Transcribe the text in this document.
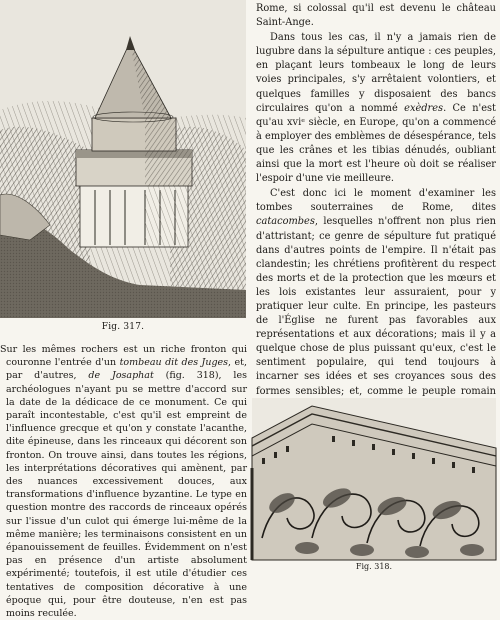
Fig. 317.
Sur les mêmes rochers est un riche fronton qui couronne l'entrée d'un tombeau dit des Juges, et, par d'autres, de Josaphat (fig. 318), les archéologues n'ayant pu se mettre d'accord sur la date de la dédicace de ce monument. Ce qui paraît incontestable, c'est qu'il est empreint de l'influence grecque et qu'on y constate l'acanthe, dite épineuse, dans les rinceaux qui décorent son fronton. On trouve ainsi, dans toutes les régions, les interprétations décoratives qui amènent, par des nuances excessivement douces, aux transformations d'influence byzantine. Le type en question montre des raccords de rinceaux opérés sur l'issue d'un culot qui émerge lui-même de la même manière; les terminaisons consistent en un épanouissement de feuilles. Évidemment on n'est pas en présence d'un artiste absolument expérimenté; toutefois, il est utile d'étudier ces tentatives de composition décorative à une époque qui, pour être douteuse, n'en est pas moins reculée.

Rome, si colossal qu'il est devenu le château Saint-Ange.

Dans tous les cas, il n'y a jamais rien de lugubre dans la sépulture antique : ces peuples, en plaçant leurs tombeaux le long de leurs voies principales, s'y arrêtaient volontiers, et quelques familles y disposaient des bancs circulaires qu'on a nommé exèdres. Ce n'est qu'au xviᵉ siècle, en Europe, qu'on a commencé à employer des emblèmes de désespérance, tels que les crânes et les tibias dénudés, oubliant ainsi que la mort est l'heure où doit se réaliser l'espoir d'une vie meilleure.

C'est donc ici le moment d'examiner les tombes souterraines de Rome, dites catacombes, lesquelles n'offrent non plus rien d'attristant; ce genre de sépulture fut pratiqué dans d'autres points de l'empire. Il n'était pas clandestin; les chrétiens profitèrent du respect des morts et de la protection que les mœurs et les lois existantes leur assuraient, pour y pratiquer leur culte. En principe, les pasteurs de l'Église ne furent pas favorables aux représentations et aux décorations; mais il y a quelque chose de plus puissant qu'eux, c'est le sentiment populaire, qui tend toujours à incarner ses idées et ses croyances sous des formes sensibles; et, comme le peuple romain

Fig. 318.
